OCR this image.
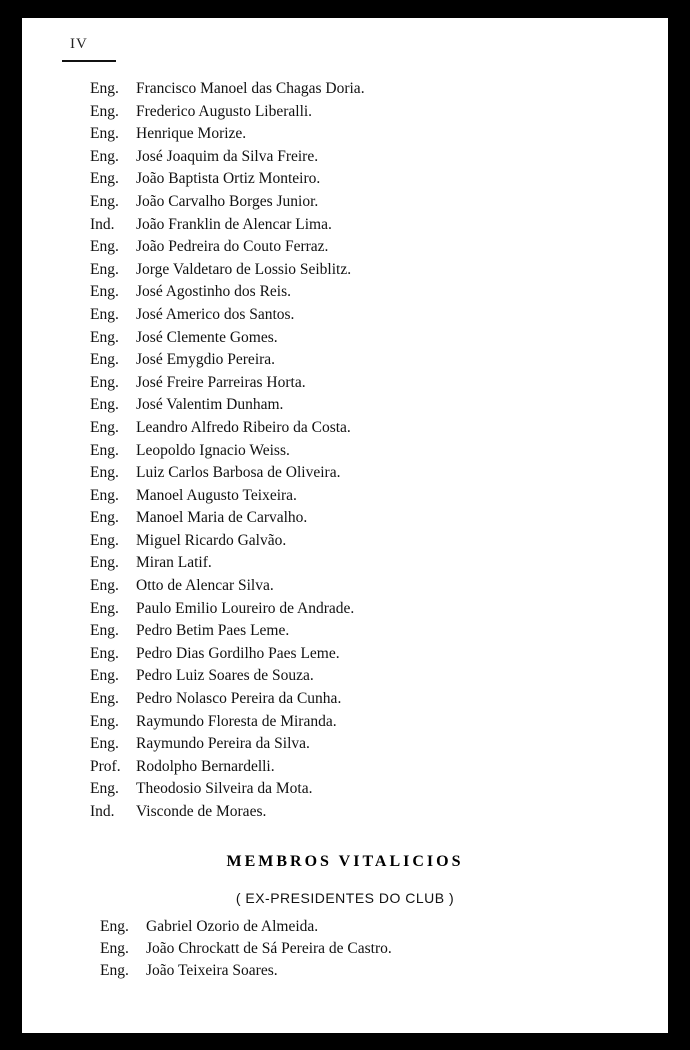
IV
Eng. Francisco Manoel das Chagas Doria.
Eng. Frederico Augusto Liberalli.
Eng. Henrique Morize.
Eng. José Joaquim da Silva Freire.
Eng. João Baptista Ortiz Monteiro.
Eng. João Carvalho Borges Junior.
Ind. João Franklin de Alencar Lima.
Eng. João Pedreira do Couto Ferraz.
Eng. Jorge Valdetaro de Lossio Seiblitz.
Eng. José Agostinho dos Reis.
Eng. José Americo dos Santos.
Eng. José Clemente Gomes.
Eng. José Emygdio Pereira.
Eng. José Freire Parreiras Horta.
Eng. José Valentim Dunham.
Eng. Leandro Alfredo Ribeiro da Costa.
Eng. Leopoldo Ignacio Weiss.
Eng. Luiz Carlos Barbosa de Oliveira.
Eng. Manoel Augusto Teixeira.
Eng. Manoel Maria de Carvalho.
Eng. Miguel Ricardo Galvão.
Eng. Miran Latif.
Eng. Otto de Alencar Silva.
Eng. Paulo Emilio Loureiro de Andrade.
Eng. Pedro Betim Paes Leme.
Eng. Pedro Dias Gordilho Paes Leme.
Eng. Pedro Luiz Soares de Souza.
Eng. Pedro Nolasco Pereira da Cunha.
Eng. Raymundo Floresta de Miranda.
Eng. Raymundo Pereira da Silva.
Prof. Rodolpho Bernardelli.
Eng. Theodosio Silveira da Mota.
Ind. Visconde de Moraes.
MEMBROS VITALICIOS
( EX-PRESIDENTES DO CLUB )
Eng. Gabriel Ozorio de Almeida.
Eng. João Chrockatt de Sá Pereira de Castro.
Eng. João Teixeira Soares.
